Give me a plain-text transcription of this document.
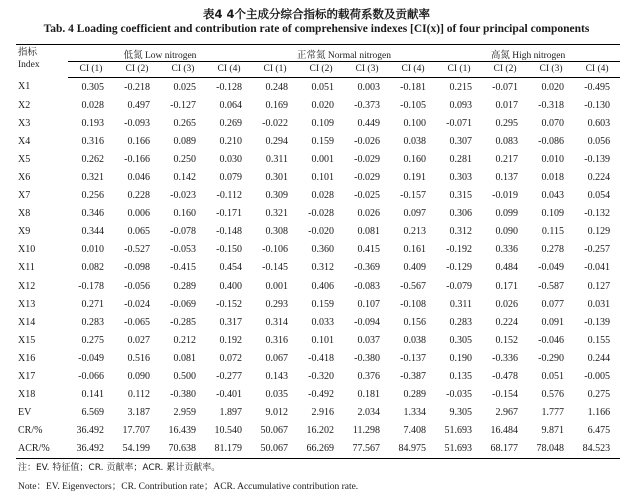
表4 4个主成分综合指标的载荷系数及贡献率
Tab. 4 Loading coefficient and contribution rate of comprehensive indexes [CI(x)] of four principal components
指标
Index	低氮 Low nitrogen				正常氮 Normal nitrogen				高氮 High nitrogen			
	CI (1)	CI (2)	CI (3)	CI (4)	CI (1)	CI (2)	CI (3)	CI (4)	CI (1)	CI (2)	CI (3)	CI (4)
X1	0.305	-0.218	0.025	-0.128	0.248	0.051	0.003	-0.181	0.215	-0.071	0.020	-0.495
X2	0.028	0.497	-0.127	0.064	0.169	0.020	-0.373	-0.105	0.093	0.017	-0.318	-0.130
X3	0.193	-0.093	0.265	0.269	-0.022	0.109	0.449	0.100	-0.071	0.295	0.070	0.603
X4	0.316	0.166	0.089	0.210	0.294	0.159	-0.026	0.038	0.307	0.083	-0.086	0.056
X5	0.262	-0.166	0.250	0.030	0.311	0.001	-0.029	0.160	0.281	0.217	0.010	-0.139
X6	0.321	0.046	0.142	0.079	0.301	0.101	-0.029	0.191	0.303	0.137	0.018	0.224
X7	0.256	0.228	-0.023	-0.112	0.309	0.028	-0.025	-0.157	0.315	-0.019	0.043	0.054
X8	0.346	0.006	0.160	-0.171	0.321	-0.028	0.026	0.097	0.306	0.099	0.109	-0.132
X9	0.344	0.065	-0.078	-0.148	0.308	-0.020	0.081	0.213	0.312	0.090	0.115	0.129
X10	0.010	-0.527	-0.053	-0.150	-0.106	0.360	0.415	0.161	-0.192	0.336	0.278	-0.257
X11	0.082	-0.098	-0.415	0.454	-0.145	0.312	-0.369	0.409	-0.129	0.484	-0.049	-0.041
X12	-0.178	-0.056	0.289	0.400	0.001	0.406	-0.083	-0.567	-0.079	0.171	-0.587	0.127
X13	0.271	-0.024	-0.069	-0.152	0.293	0.159	0.107	-0.108	0.311	0.026	0.077	0.031
X14	0.283	-0.065	-0.285	0.317	0.314	0.033	-0.094	0.156	0.283	0.224	0.091	-0.139
X15	0.275	0.027	0.212	0.192	0.316	0.101	0.037	0.038	0.305	0.152	-0.046	0.155
X16	-0.049	0.516	0.081	0.072	0.067	-0.418	-0.380	-0.137	0.190	-0.336	-0.290	0.244
X17	-0.066	0.090	0.500	-0.277	0.143	-0.320	0.376	-0.387	0.135	-0.478	0.051	-0.005
X18	0.141	0.112	-0.380	-0.401	0.035	-0.492	0.181	0.289	-0.035	-0.154	0.576	0.275
EV	6.569	3.187	2.959	1.897	9.012	2.916	2.034	1.334	9.305	2.967	1.777	1.166
CR/%	36.492	17.707	16.439	10.540	50.067	16.202	11.298	7.408	51.693	16.484	9.871	6.475
ACR/%	36.492	54.199	70.638	81.179	50.067	66.269	77.567	84.975	51.693	68.177	78.048	84.523
注：EV. 特征值；CR. 贡献率；ACR. 累计贡献率。
Note：EV. Eigenvectors；CR. Contribution rate；ACR. Accumulative contribution rate.
